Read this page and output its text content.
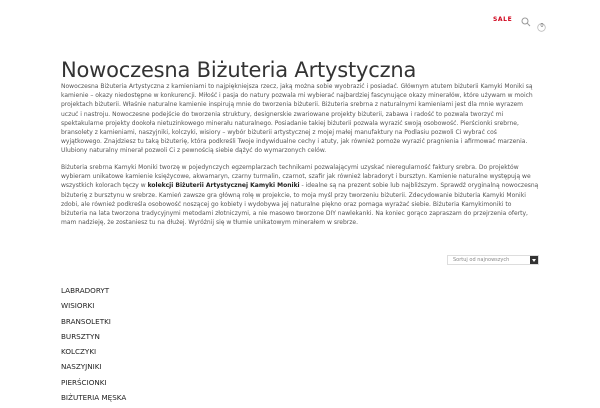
SALE
0
Nowoczesna Biżuteria Artystyczna

Nowoczesna Biżuteria Artystyczna z kamieniami to najpiękniejsza rzecz, jaką można sobie wyobrazić i posiadać. Głównym atutem biżuterii Kamyki Moniki są kamienie – okazy niedostępne w konkurencji. Miłość i pasja do natury pozwala mi wybierać najbardziej fascynujące okazy minerałów, które używam w moich projektach biżuterii. Właśnie naturalne kamienie inspirują mnie do tworzenia biżuterii. Biżuteria srebrna z naturalnymi kamieniami jest dla mnie wyrazem uczuć i nastroju. Nowoczesne podejście do tworzenia struktury, designerskie zwariowane projekty biżuterii, zabawa i radość to pozwala tworzyć mi spektakularne projekty dookoła nietuzinkowego minerału naturalnego. Posiadanie takiej biżuterii pozwala wyrazić swoją osobowość. Pierścionki srebrne, bransolety z kamieniami, naszyjniki, kolczyki, wisiory – wybór biżuterii artystycznej z mojej małej manufaktury na Podlasiu pozwoli Ci wybrać coś wyjątkowego. Znajdziesz tu taką biżuterię, która podkreśli Twoje indywidualne cechy i atuty, jak również pomoże wyrazić pragnienia i afirmować marzenia. Ulubiony naturalny minerał pozwoli Ci z pewnością siebie dążyć do wymarzonych celów.

Biżuteria srebrna Kamyki Moniki tworzę w pojedynczych egzemplarzach technikami pozwalającymi uzyskać nieregularność faktury srebra. Do projektów wybieram unikatowe kamienie księżycowe, akwamaryn, czarny turmalin, czarnot, szafir jak również labradoryt i bursztyn. Kamienie naturalne występują we wszystkich kolorach tęczy w kolekcji Biżuterii Artystycznej Kamyki Moniki - idealne są na prezent sobie lub najbliższym. Sprawdź oryginalną nowoczesną biżuterię z bursztynu w srebrze. Kamień zawsze gra główną rolę w projekcie, to moja myśl przy tworzeniu biżuterii. Zdecydowanie biżuteria Kamyki Moniki zdobi, ale również podkreśla osobowość noszącej go kobiety i wydobywa jej naturalne piękno oraz pomaga wyrażać siebie. Biżuteria Kamykimoniki to biżuteria na lata tworzona tradycyjnymi metodami złotniczymi, a nie masowo tworzone DIY nawlekanki. Na koniec gorąco zapraszam do przejrzenia oferty, mam nadzieję, że zostaniesz tu na dłużej. Wyróżnij się w tłumie unikatowym minerałem w srebrze.

Sortuj od najnowszych
LABRADORYT
WISIORKI
BRANSOLETKI
BURSZTYN
KOLCZYKI
NASZYJNIKI
PIERŚCIONKI
BIŻUTERIA MĘSKA
